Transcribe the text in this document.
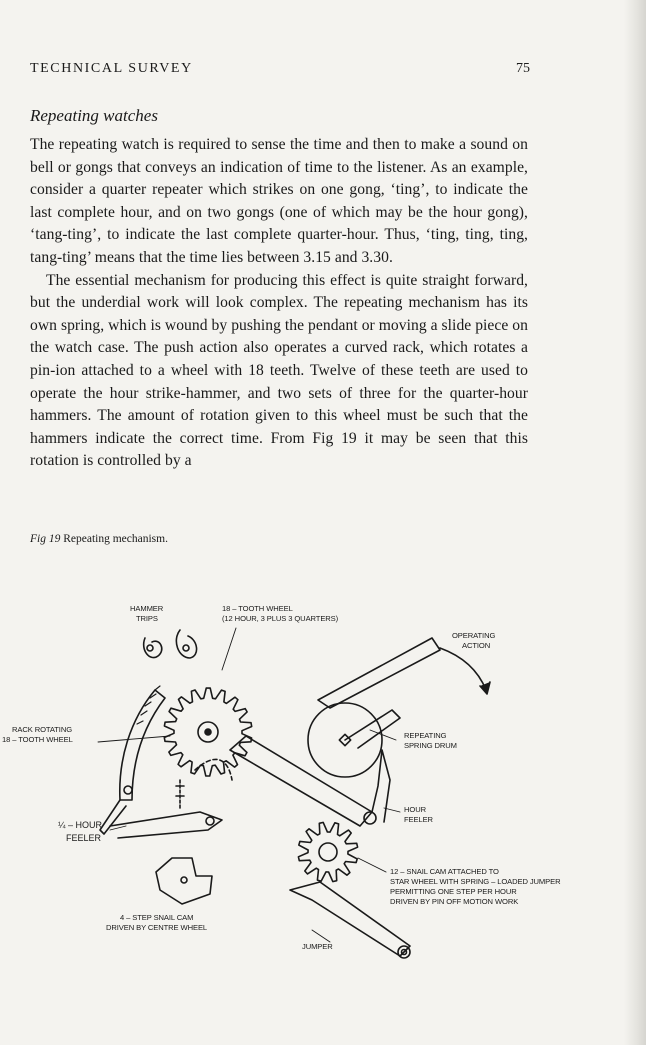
TECHNICAL SURVEY	75
Repeating watches

The repeating watch is required to sense the time and then to make a sound on bell or gongs that conveys an indication of time to the listener. As an example, consider a quarter repeater which strikes on one gong, ‘ting’, to indicate the last complete hour, and on two gongs (one of which may be the hour gong), ‘tang-ting’, to indicate the last complete quarter-hour. Thus, ‘ting, ting, ting, tang-ting’ means that the time lies between 3.15 and 3.30.

The essential mechanism for producing this effect is quite straight forward, but the underdial work will look complex. The repeating mechanism has its own spring, which is wound by pushing the pendant or moving a slide piece on the watch case. The push action also operates a curved rack, which rotates a pin-ion attached to a wheel with 18 teeth. Twelve of these teeth are used to operate the hour strike-hammer, and two sets of three for the quarter-hour hammers. The amount of rotation given to this wheel must be such that the hammers indicate the correct time. From Fig 19 it may be seen that this rotation is controlled by a

Fig 19 Repeating mechanism.
HAMMER
TRIPS
18 – TOOTH WHEEL
(12 HOUR, 3 PLUS 3 QUARTERS)
OPERATING
ACTION
RACK ROTATING
18 – TOOTH WHEEL	REPEATING
SPRING DRUM
HOUR
FEELER
¼ – HOUR
FEELER
12 – SNAIL CAM ATTACHED TO
STAR WHEEL WITH SPRING – LOADED JUMPER
PERMITTING ONE STEP PER HOUR
DRIVEN BY PIN OFF MOTION WORK
4 – STEP SNAIL CAM
DRIVEN BY CENTRE WHEEL
JUMPER
